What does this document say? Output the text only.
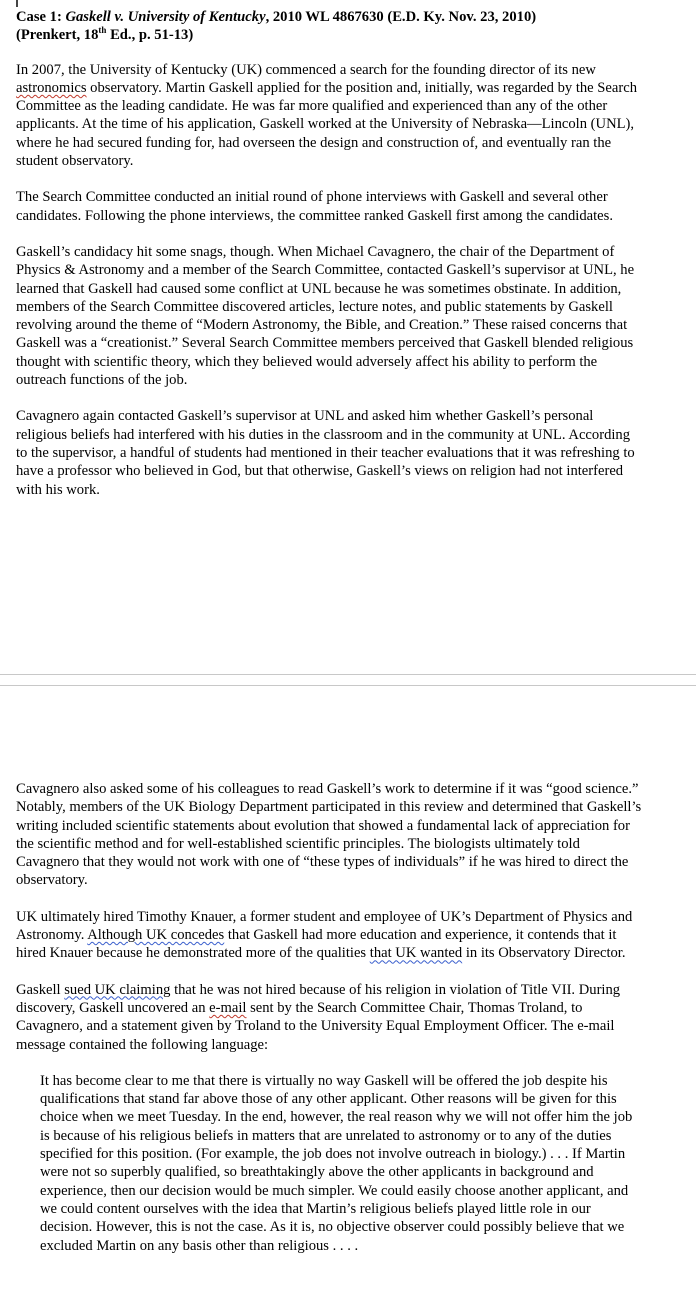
Case 1: Gaskell v. University of Kentucky, 2010 WL 4867630 (E.D. Ky. Nov. 23, 2010)
(Prenkert, 18th Ed., p. 51-13)

In 2007, the University of Kentucky (UK) commenced a search for the founding director of its new astronomics observatory. Martin Gaskell applied for the position and, initially, was regarded by the Search Committee as the leading candidate. He was far more qualified and experienced than any of the other applicants. At the time of his application, Gaskell worked at the University of Nebraska—Lincoln (UNL), where he had secured funding for, had overseen the design and construction of, and eventually ran the student observatory.

The Search Committee conducted an initial round of phone interviews with Gaskell and several other candidates. Following the phone interviews, the committee ranked Gaskell first among the candidates.

Gaskell’s candidacy hit some snags, though. When Michael Cavagnero, the chair of the Department of Physics & Astronomy and a member of the Search Committee, contacted Gaskell’s supervisor at UNL, he learned that Gaskell had caused some conflict at UNL because he was sometimes obstinate. In addition, members of the Search Committee discovered articles, lecture notes, and public statements by Gaskell revolving around the theme of “Modern Astronomy, the Bible, and Creation.” These raised concerns that Gaskell was a “creationist.” Several Search Committee members perceived that Gaskell blended religious thought with scientific theory, which they believed would adversely affect his ability to perform the outreach functions of the job.

Cavagnero again contacted Gaskell’s supervisor at UNL and asked him whether Gaskell’s personal religious beliefs had interfered with his duties in the classroom and in the community at UNL. According to the supervisor, a handful of students had mentioned in their teacher evaluations that it was refreshing to have a professor who believed in God, but that otherwise, Gaskell’s views on religion had not interfered with his work.

Cavagnero also asked some of his colleagues to read Gaskell’s work to determine if it was “good science.” Notably, members of the UK Biology Department participated in this review and determined that Gaskell’s writing included scientific statements about evolution that showed a fundamental lack of appreciation for the scientific method and for well-established scientific principles. The biologists ultimately told Cavagnero that they would not work with one of “these types of individuals” if he was hired to direct the observatory.

UK ultimately hired Timothy Knauer, a former student and employee of UK’s Department of Physics and Astronomy. Although UK concedes that Gaskell had more education and experience, it contends that it hired Knauer because he demonstrated more of the qualities that UK wanted in its Observatory Director.

Gaskell sued UK claiming that he was not hired because of his religion in violation of Title VII. During discovery, Gaskell uncovered an e-mail sent by the Search Committee Chair, Thomas Troland, to Cavagnero, and a statement given by Troland to the University Equal Employment Officer. The e-mail message contained the following language:

It has become clear to me that there is virtually no way Gaskell will be offered the job despite his qualifications that stand far above those of any other applicant. Other reasons will be given for this choice when we meet Tuesday. In the end, however, the real reason why we will not offer him the job is because of his religious beliefs in matters that are unrelated to astronomy or to any of the duties specified for this position. (For example, the job does not involve outreach in biology.) . . . If Martin were not so superbly qualified, so breathtakingly above the other applicants in background and experience, then our decision would be much simpler. We could easily choose another applicant, and we could content ourselves with the idea that Martin’s religious beliefs played little role in our decision. However, this is not the case. As it is, no objective observer could possibly believe that we excluded Martin on any basis other than religious . . . .
